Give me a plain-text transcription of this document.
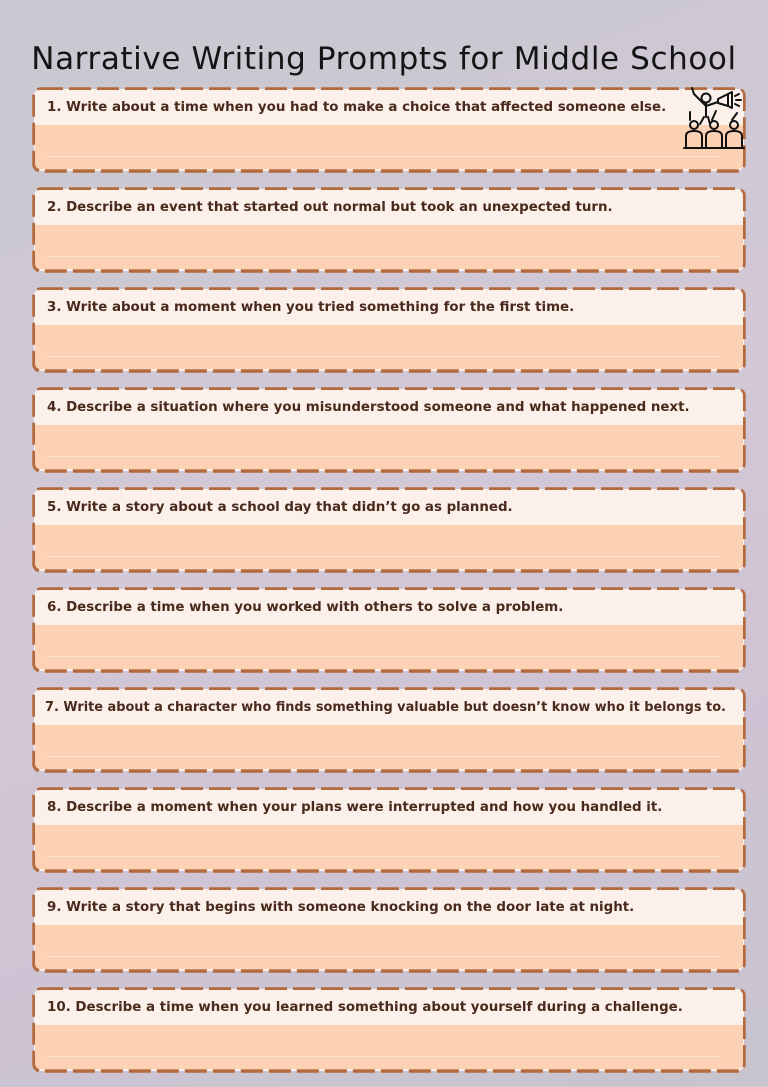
Narrative Writing Prompts for Middle School
1. Write about a time when you had to make a choice that affected someone else.
2. Describe an event that started out normal but took an unexpected turn.
3. Write about a moment when you tried something for the first time.
4. Describe a situation where you misunderstood someone and what happened next.
5. Write a story about a school day that didn’t go as planned.
6. Describe a time when you worked with others to solve a problem.
7. Write about a character who finds something valuable but doesn’t know who it belongs to.
8. Describe a moment when your plans were interrupted and how you handled it.
9. Write a story that begins with someone knocking on the door late at night.
10. Describe a time when you learned something about yourself during a challenge.
